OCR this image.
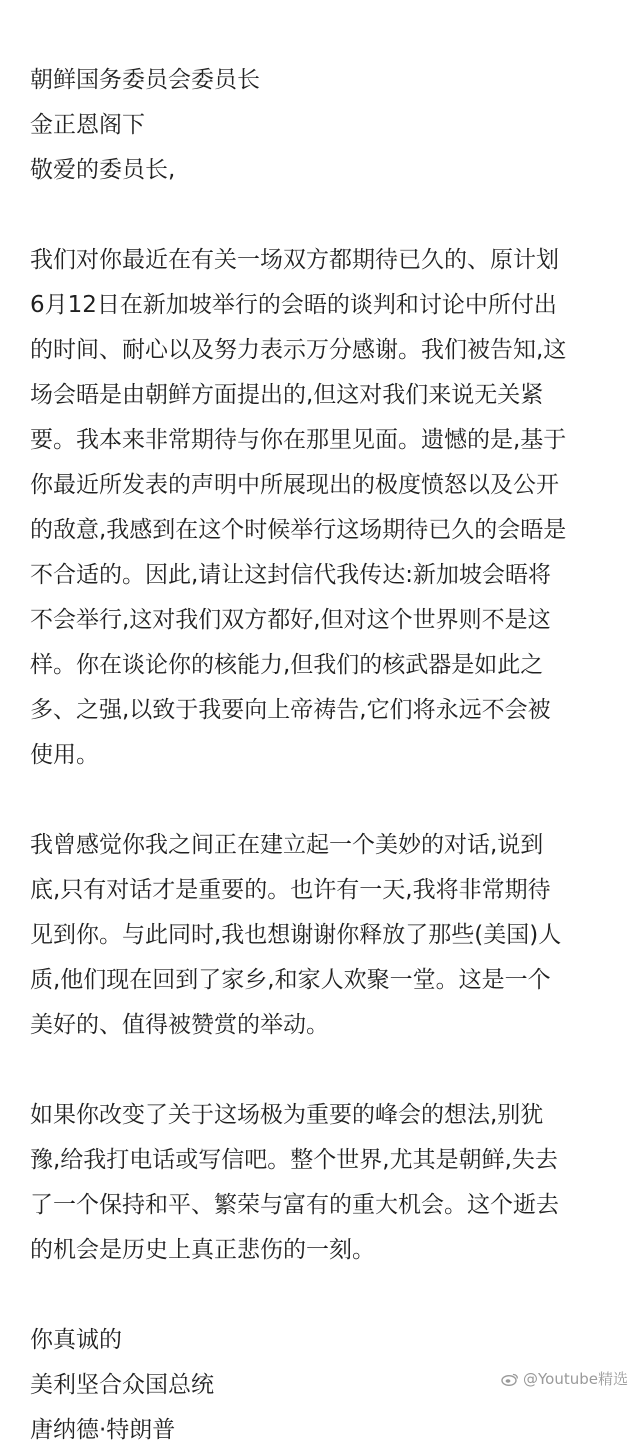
朝鲜国务委员会委员长
金正恩阁下
敬爱的委员长,
我们对你最近在有关一场双方都期待已久的、原计划
6月12日在新加坡举行的会晤的谈判和讨论中所付出
的时间、耐心以及努力表示万分感谢。我们被告知,这
场会晤是由朝鲜方面提出的,但这对我们来说无关紧
要。我本来非常期待与你在那里见面。遗憾的是,基于
你最近所发表的声明中所展现出的极度愤怒以及公开
的敌意,我感到在这个时候举行这场期待已久的会晤是
不合适的。因此,请让这封信代我传达:新加坡会晤将
不会举行,这对我们双方都好,但对这个世界则不是这
样。你在谈论你的核能力,但我们的核武器是如此之
多、之强,以致于我要向上帝祷告,它们将永远不会被
使用。
我曾感觉你我之间正在建立起一个美妙的对话,说到
底,只有对话才是重要的。也许有一天,我将非常期待
见到你。与此同时,我也想谢谢你释放了那些(美国)人
质,他们现在回到了家乡,和家人欢聚一堂。这是一个
美好的、值得被赞赏的举动。
如果你改变了关于这场极为重要的峰会的想法,别犹
豫,给我打电话或写信吧。整个世界,尤其是朝鲜,失去
了一个保持和平、繁荣与富有的重大机会。这个逝去
的机会是历史上真正悲伤的一刻。
你真诚的
美利坚合众国总统
唐纳德·特朗普
@Youtube精选
